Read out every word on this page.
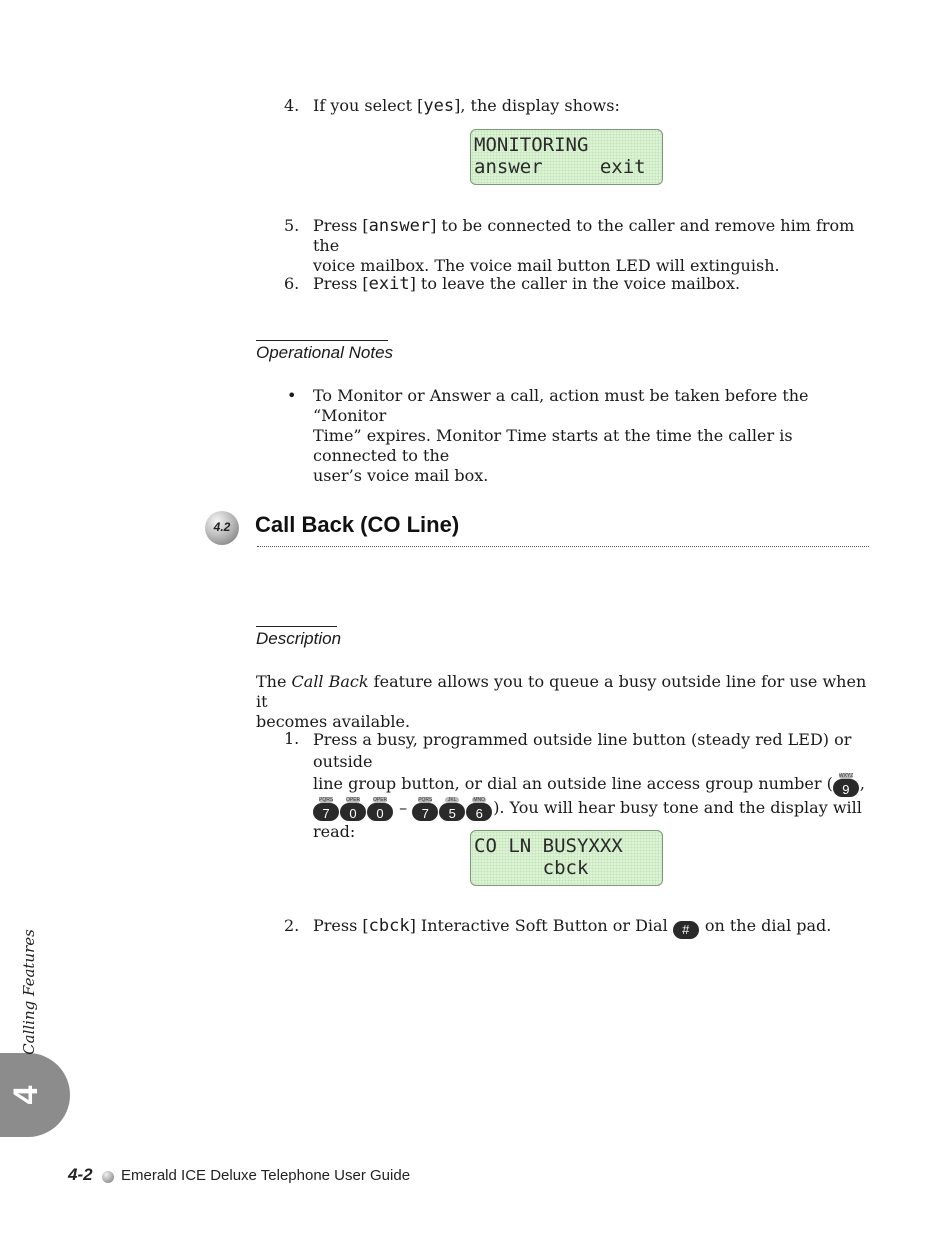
4. If you select [yes], the display shows:
MONITORING
answer     exit
5. Press [answer] to be connected to the caller and remove him from the
voice mailbox. The voice mail button LED will extinguish.
6. Press [exit] to leave the caller in the voice mailbox.
Operational Notes
• To Monitor or Answer a call, action must be taken before the “Monitor
Time” expires. Monitor Time starts at the time the caller is connected to the
user’s voice mail box.
4.2	Call Back (CO Line)
Description
The Call Back feature allows you to queue a busy outside line for use when it
becomes available.
1. Press a busy, programmed outside line button (steady red LED) or outside
line group button, or dial an outside line access group number ( WXYZ
9 ,
PQRS
7
OPER
0
OPER
0 – PQRS
7
JKL
5
MNO
6 ). You will hear busy tone and the display will
read:
CO LN BUSYXXX
cbck
2. Press [cbck] Interactive Soft Button or Dial # on the dial pad.
4
Calling Features
4-2 Emerald ICE Deluxe Telephone User Guide
